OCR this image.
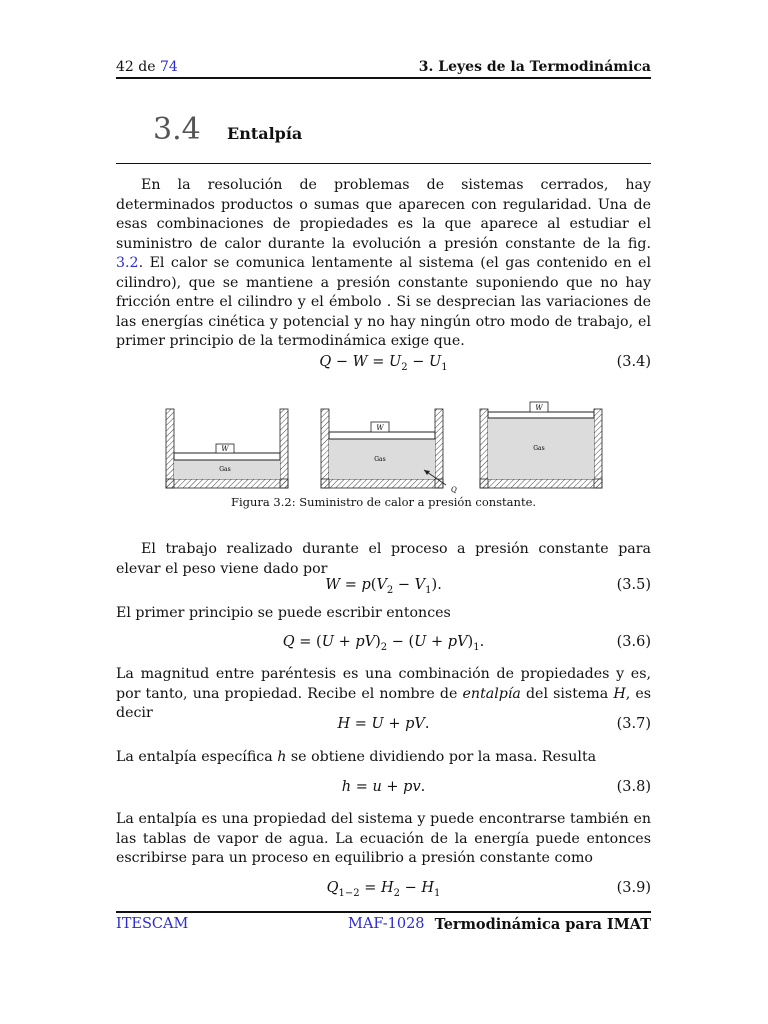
42 de 74	3. Leyes de la Termodinámica
3.4 Entalpía

En la resolución de problemas de sistemas cerrados, hay determinados productos o sumas que aparecen con regularidad. Una de esas combinaciones de propiedades es la que aparece al estudiar el suministro de calor durante la evolución a presión constante de la fig. 3.2. El calor se comunica lentamente al sistema (el gas contenido en el cilindro), que se mantiene a presión constante suponiendo que no hay fricción entre el cilindro y el émbolo . Si se desprecian las variaciones de las energías cinética y potencial y no hay ningún otro modo de trabajo, el primer principio de la termodinámica exige que.

$Q - W = U_2 - U_1$	(3.4)
W
Gas
W
Gas
Q
W
Gas
Figura 3.2: Suministro de calor a presión constante.

El trabajo realizado durante el proceso a presión constante para elevar el peso viene dado por

$W = p(V_2 - V_1)$.	(3.5)

El primer principio se puede escribir entonces

$Q = (U + pV)_2 - (U + pV)_1$.	(3.6)

La magnitud entre paréntesis es una combinación de propiedades y es, por tanto, una propiedad. Recibe el nombre de entalpía del sistema H, es decir

H = U + pV.	(3.7)

La entalpía específica h se obtiene dividiendo por la masa. Resulta

h = u + pv.	(3.8)

La entalpía es una propiedad del sistema y puede encontrarse también en las tablas de vapor de agua. La ecuación de la energía puede entonces escribirse para un proceso en equilibrio a presión constante como

$Q_{1-2} = H_2 - H_1$	(3.9)
ITESCAM	MAF-1028 Termodinámica para IMAT
